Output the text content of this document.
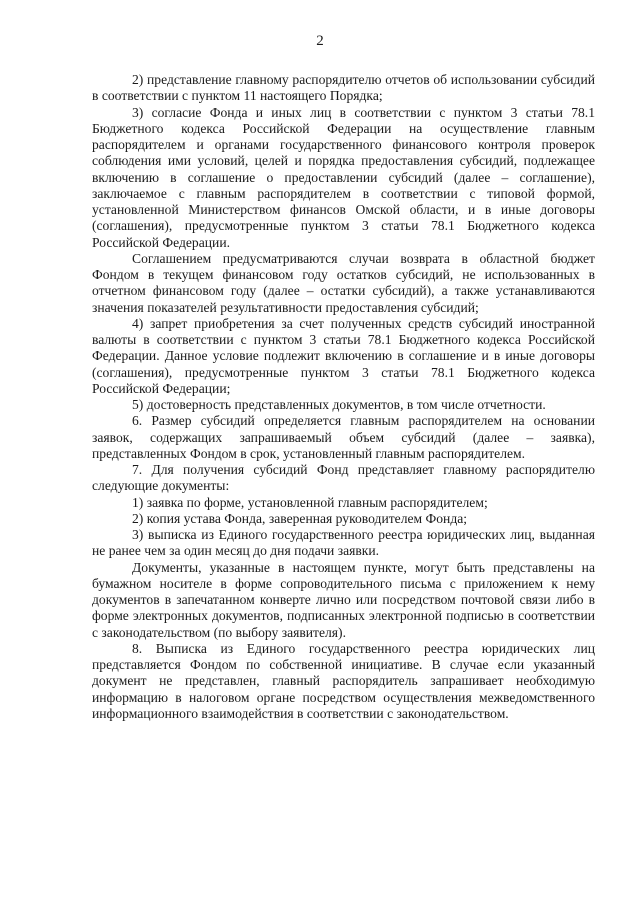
2

2) представление главному распорядителю отчетов об использовании субсидий в соответствии с пунктом 11 настоящего Порядка;

3) согласие Фонда и иных лиц в соответствии с пунктом 3 статьи 78.1 Бюджетного кодекса Российской Федерации на осуществление главным распорядителем и органами государственного финансового контроля проверок соблюдения ими условий, целей и порядка предоставления субсидий, подлежащее включению в соглашение о предоставлении субсидий (далее – соглашение), заключаемое с главным распорядителем в соответствии с типовой формой, установленной Министерством финансов Омской области, и в иные договоры (соглашения), предусмотренные пунктом 3 статьи 78.1 Бюджетного кодекса Российской Федерации.

Соглашением предусматриваются случаи возврата в областной бюджет Фондом в текущем финансовом году остатков субсидий, не использованных в отчетном финансовом году (далее – остатки субсидий), а также устанавливаются значения показателей результативности предоставления субсидий;

4) запрет приобретения за счет полученных средств субсидий иностранной валюты в соответствии с пунктом 3 статьи 78.1 Бюджетного кодекса Российской Федерации. Данное условие подлежит включению в соглашение и в иные договоры (соглашения), предусмотренные пунктом 3 статьи 78.1 Бюджетного кодекса Российской Федерации;

5) достоверность представленных документов, в том числе отчетности.

6. Размер субсидий определяется главным распорядителем на основании заявок, содержащих запрашиваемый объем субсидий (далее – заявка), представленных Фондом в срок, установленный главным распорядителем.

7. Для получения субсидий Фонд представляет главному распорядителю следующие документы:

1) заявка по форме, установленной главным распорядителем;

2) копия устава Фонда, заверенная руководителем Фонда;

3) выписка из Единого государственного реестра юридических лиц, выданная не ранее чем за один месяц до дня подачи заявки.

Документы, указанные в настоящем пункте, могут быть представлены на бумажном носителе в форме сопроводительного письма с приложением к нему документов в запечатанном конверте лично или посредством почтовой связи либо в форме электронных документов, подписанных электронной подписью в соответствии с законодательством (по выбору заявителя).

8. Выписка из Единого государственного реестра юридических лиц представляется Фондом по собственной инициативе. В случае если указанный документ не представлен, главный распорядитель запрашивает необходимую информацию в налоговом органе посредством осуществления межведомственного информационного взаимодействия в соответствии с законодательством.
